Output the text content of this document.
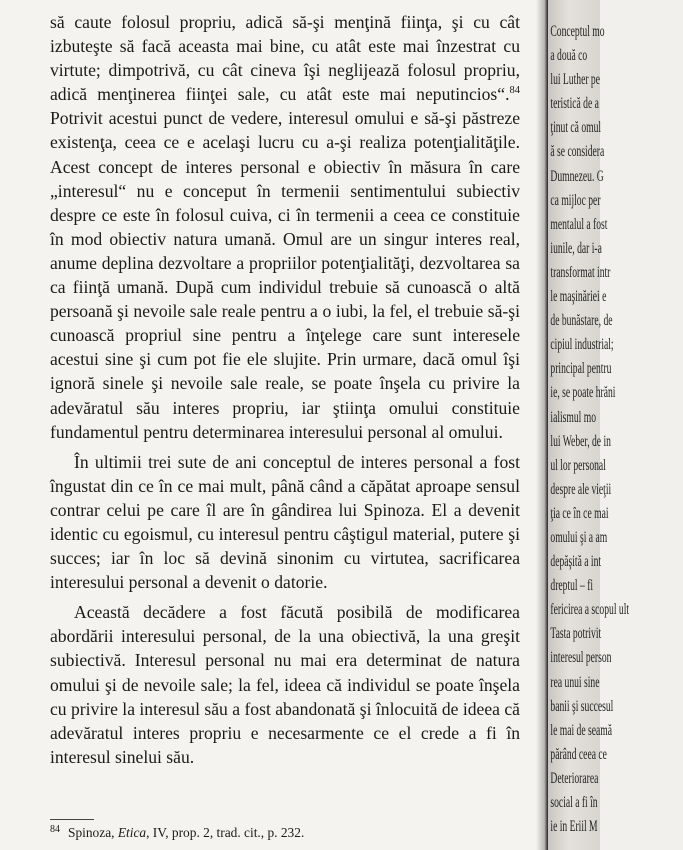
să caute folosul propriu, adică să-şi menţină fiinţa, şi cu cât izbuteşte să facă aceasta mai bine, cu atât este mai înzestrat cu virtute; dimpotrivă, cu cât cineva îşi neglijează folosul propriu, adică menţinerea fiinţei sale, cu atât este mai neputincios“.$^{84}$ Potrivit acestui punct de vedere, interesul omului e să-şi păstreze existenţa, ceea ce e acelaşi lucru cu a-şi realiza potenţialităţile. Acest concept de interes personal e obiectiv în măsura în care „interesul“ nu e conceput în termenii sentimentului subiectiv despre ce este în folosul cuiva, ci în termenii a ceea ce constituie în mod obiectiv natura umană. Omul are un singur interes real, anume deplina dezvoltare a propriilor potenţialităţi, dezvoltarea sa ca fiinţă umană. După cum individul trebuie să cunoască o altă persoană şi nevoile sale reale pentru a o iubi, la fel, el trebuie să-şi cunoască propriul sine pentru a înţelege care sunt interesele acestui sine şi cum pot fie ele slujite. Prin urmare, dacă omul îşi ignoră sinele şi nevoile sale reale, se poate înşela cu privire la adevăratul său interes propriu, iar ştiinţa omului constituie fundamentul pentru determinarea interesului personal al omului.

În ultimii trei sute de ani conceptul de interes personal a fost îngustat din ce în ce mai mult, până când a căpătat aproape sensul contrar celui pe care îl are în gândirea lui Spinoza. El a devenit identic cu egoismul, cu interesul pentru câştigul material, putere şi succes; iar în loc să devină sinonim cu virtutea, sacrificarea interesului personal a devenit o datorie.

Această decădere a fost făcută posibilă de modificarea abordării interesului personal, de la una obiectivă, la una greşit subiectivă. Interesul personal nu mai era determinat de natura omului şi de nevoile sale; la fel, ideea că individul se poate înşela cu privire la interesul său a fost abandonată şi înlocuită de ideea că adevăratul interes propriu e necesarmente ce el crede a fi în interesul sinelui său.

$^{84}$ Spinoza, Etica, IV, prop. 2, trad. cit., p. 232.
Conceptul mo
a două co
lui Luther pe
teristică de a
ţinut că omul
ă se considera
Dumnezeu. G
ca mijloc per
mentalul a fost
iunile, dar i-a
transformat intr
le maşinăriei e
de bunăstare, de
cipiul industrial;
principal pentru
ie, se poate hrăni
ialismul mo
lui Weber, de in
ul lor personal
despre ale vieţii
ţia ce în ce mai
omului şi a am
depăşită a int
dreptul – fi
fericirea a scopul ult
Tasta potrivit
interesul person
rea unui sine
banii şi succesul
le mai de seamă
părând ceea ce
Deteriorarea
social a fi în
ie in Eriil M
